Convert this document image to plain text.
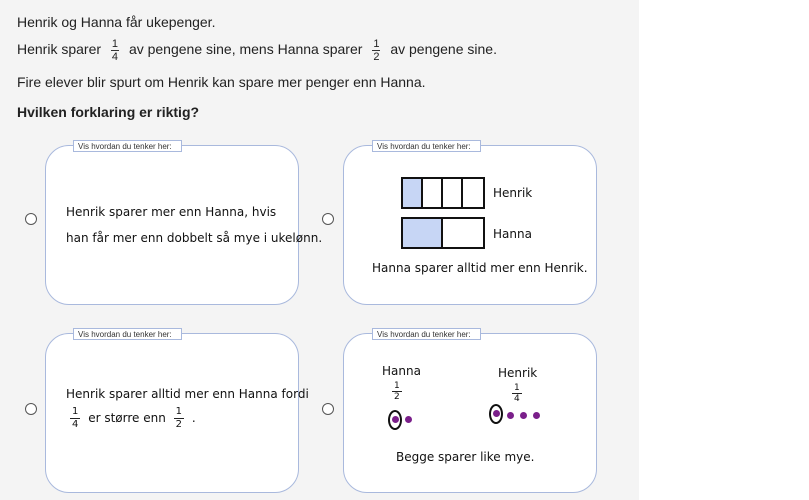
Henrik og Hanna får ukepenger.
Henrik sparer $\frac{1}{4}$ av pengene sine, mens Hanna sparer $\frac{1}{2}$ av pengene sine.
Fire elever blir spurt om Henrik kan spare mer penger enn Hanna.
Hvilken forklaring er riktig?
Vis hvordan du tenker her:
Henrik sparer mer enn Hanna, hvis
han får mer enn dobbelt så mye i ukelønn.
Vis hvordan du tenker her:
Henrik
Hanna
Hanna sparer alltid mer enn Henrik.
Vis hvordan du tenker her:
Henrik sparer alltid mer enn Hanna fordi
$\frac{1}{4}$ er større enn $\frac{1}{2}$ .
Vis hvordan du tenker her:
Hanna
$\frac{1}{2}$
Henrik
$\frac{1}{4}$
Begge sparer like mye.
